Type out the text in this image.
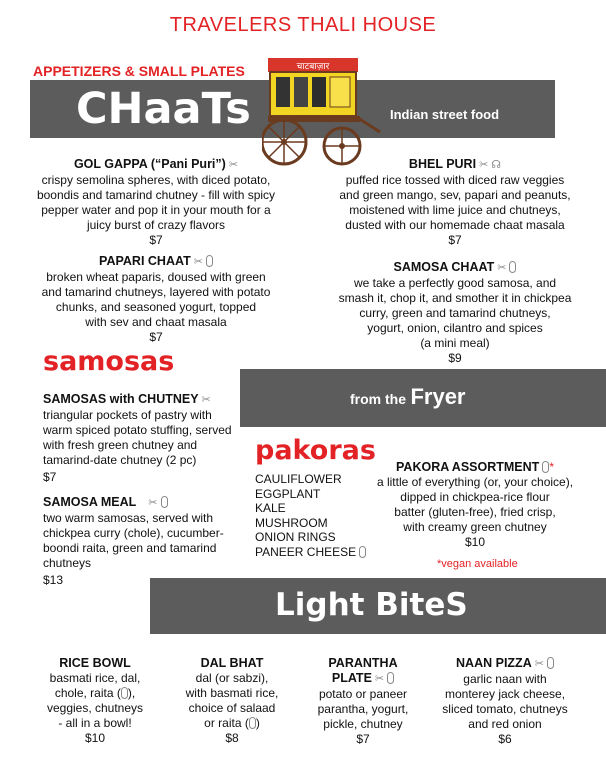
TRAVELERS THALI HOUSE
APPETIZERS & SMALL PLATES
CHaaTs	Indian street food
चाटबाज़ार
GOL GAPPA (“Pani Puri”) ✂
crispy semolina spheres, with diced potato,
boondis and tamarind chutney - fill with spicy
pepper water and pop it in your mouth for a
juicy burst of crazy flavors
$7
BHEL PURI ✂ ☊
puffed rice tossed with diced raw veggies
and green mango, sev, papari and peanuts,
moistened with lime juice and chutneys,
dusted with our homemade chaat masala
$7
PAPARI CHAAT ✂
broken wheat paparis, doused with green
and tamarind chutneys, layered with potato
chunks, and seasoned yogurt, topped
with sev and chaat masala
$7
SAMOSA CHAAT ✂
we take a perfectly good samosa, and
smash it, chop it, and smother it in chickpea
curry, green and tamarind chutneys,
yogurt, onion, cilantro and spices
(a mini meal)
$9
samosas
from the Fryer
SAMOSAS with CHUTNEY ✂
triangular pockets of pastry with
warm spiced potato stuffing, served
with fresh green chutney and
tamarind-date chutney (2 pc)
$7
SAMOSA MEAL ✂
two warm samosas, served with
chickpea curry (chole), cucumber-
boondi raita, green and tamarind
chutneys
$13
pakoras
CAULIFLOWER
EGGPLANT
KALE
MUSHROOM
ONION RINGS
PANEER CHEESE
PAKORA ASSORTMENT *
a little of everything (or, your choice),
dipped in chickpea-rice flour
batter (gluten-free), fried crisp,
with creamy green chutney
$10
*vegan available
Light BiteS
RICE BOWL
basmati rice, dal,
chole, raita ( ),
veggies, chutneys
- all in a bowl!
$10
DAL BHAT
dal (or sabzi),
with basmati rice,
choice of salaad
or raita ( )
$8
PARANTHA
PLATE ✂
potato or paneer
parantha, yogurt,
pickle, chutney
$7
NAAN PIZZA ✂
garlic naan with
monterey jack cheese,
sliced tomato, chutneys
and red onion
$6
